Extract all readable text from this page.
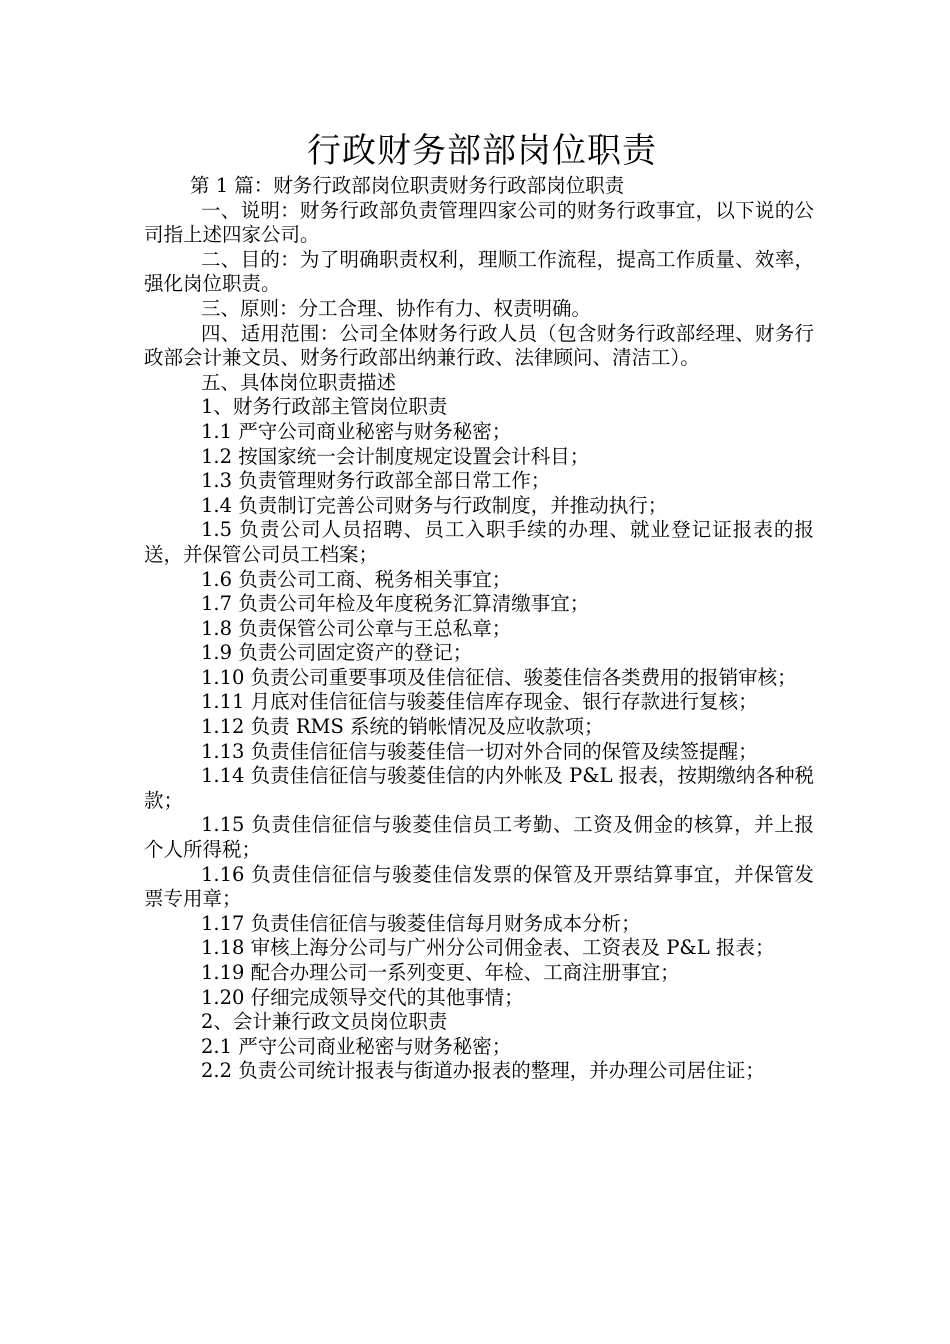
行政财务部部岗位职责

第 1 篇：财务行政部岗位职责财务行政部岗位职责

一、说明：财务行政部负责管理四家公司的财务行政事宜，以下说的公司指上述四家公司。

二、目的：为了明确职责权利，理顺工作流程，提高工作质量、效率，强化岗位职责。

三、原则：分工合理、协作有力、权责明确。

四、适用范围：公司全体财务行政人员（包含财务行政部经理、财务行政部会计兼文员、财务行政部出纳兼行政、法律顾问、清洁工）。

五、具体岗位职责描述

1、财务行政部主管岗位职责

1.1 严守公司商业秘密与财务秘密；

1.2 按国家统一会计制度规定设置会计科目；

1.3 负责管理财务行政部全部日常工作；

1.4 负责制订完善公司财务与行政制度，并推动执行；

1.5 负责公司人员招聘、员工入职手续的办理、就业登记证报表的报送，并保管公司员工档案；

1.6 负责公司工商、税务相关事宜；

1.7 负责公司年检及年度税务汇算清缴事宜；

1.8 负责保管公司公章与王总私章；

1.9 负责公司固定资产的登记；

1.10 负责公司重要事项及佳信征信、骏菱佳信各类费用的报销审核；

1.11 月底对佳信征信与骏菱佳信库存现金、银行存款进行复核；

1.12 负责 RMS 系统的销帐情况及应收款项；

1.13 负责佳信征信与骏菱佳信一切对外合同的保管及续签提醒；

1.14 负责佳信征信与骏菱佳信的内外帐及 P&L 报表，按期缴纳各种税款；

1.15 负责佳信征信与骏菱佳信员工考勤、工资及佣金的核算，并上报个人所得税；

1.16 负责佳信征信与骏菱佳信发票的保管及开票结算事宜，并保管发票专用章；

1.17 负责佳信征信与骏菱佳信每月财务成本分析；

1.18 审核上海分公司与广州分公司佣金表、工资表及 P&L 报表；

1.19 配合办理公司一系列变更、年检、工商注册事宜；

1.20 仔细完成领导交代的其他事情；

2、会计兼行政文员岗位职责

2.1 严守公司商业秘密与财务秘密；

2.2 负责公司统计报表与街道办报表的整理，并办理公司居住证；
